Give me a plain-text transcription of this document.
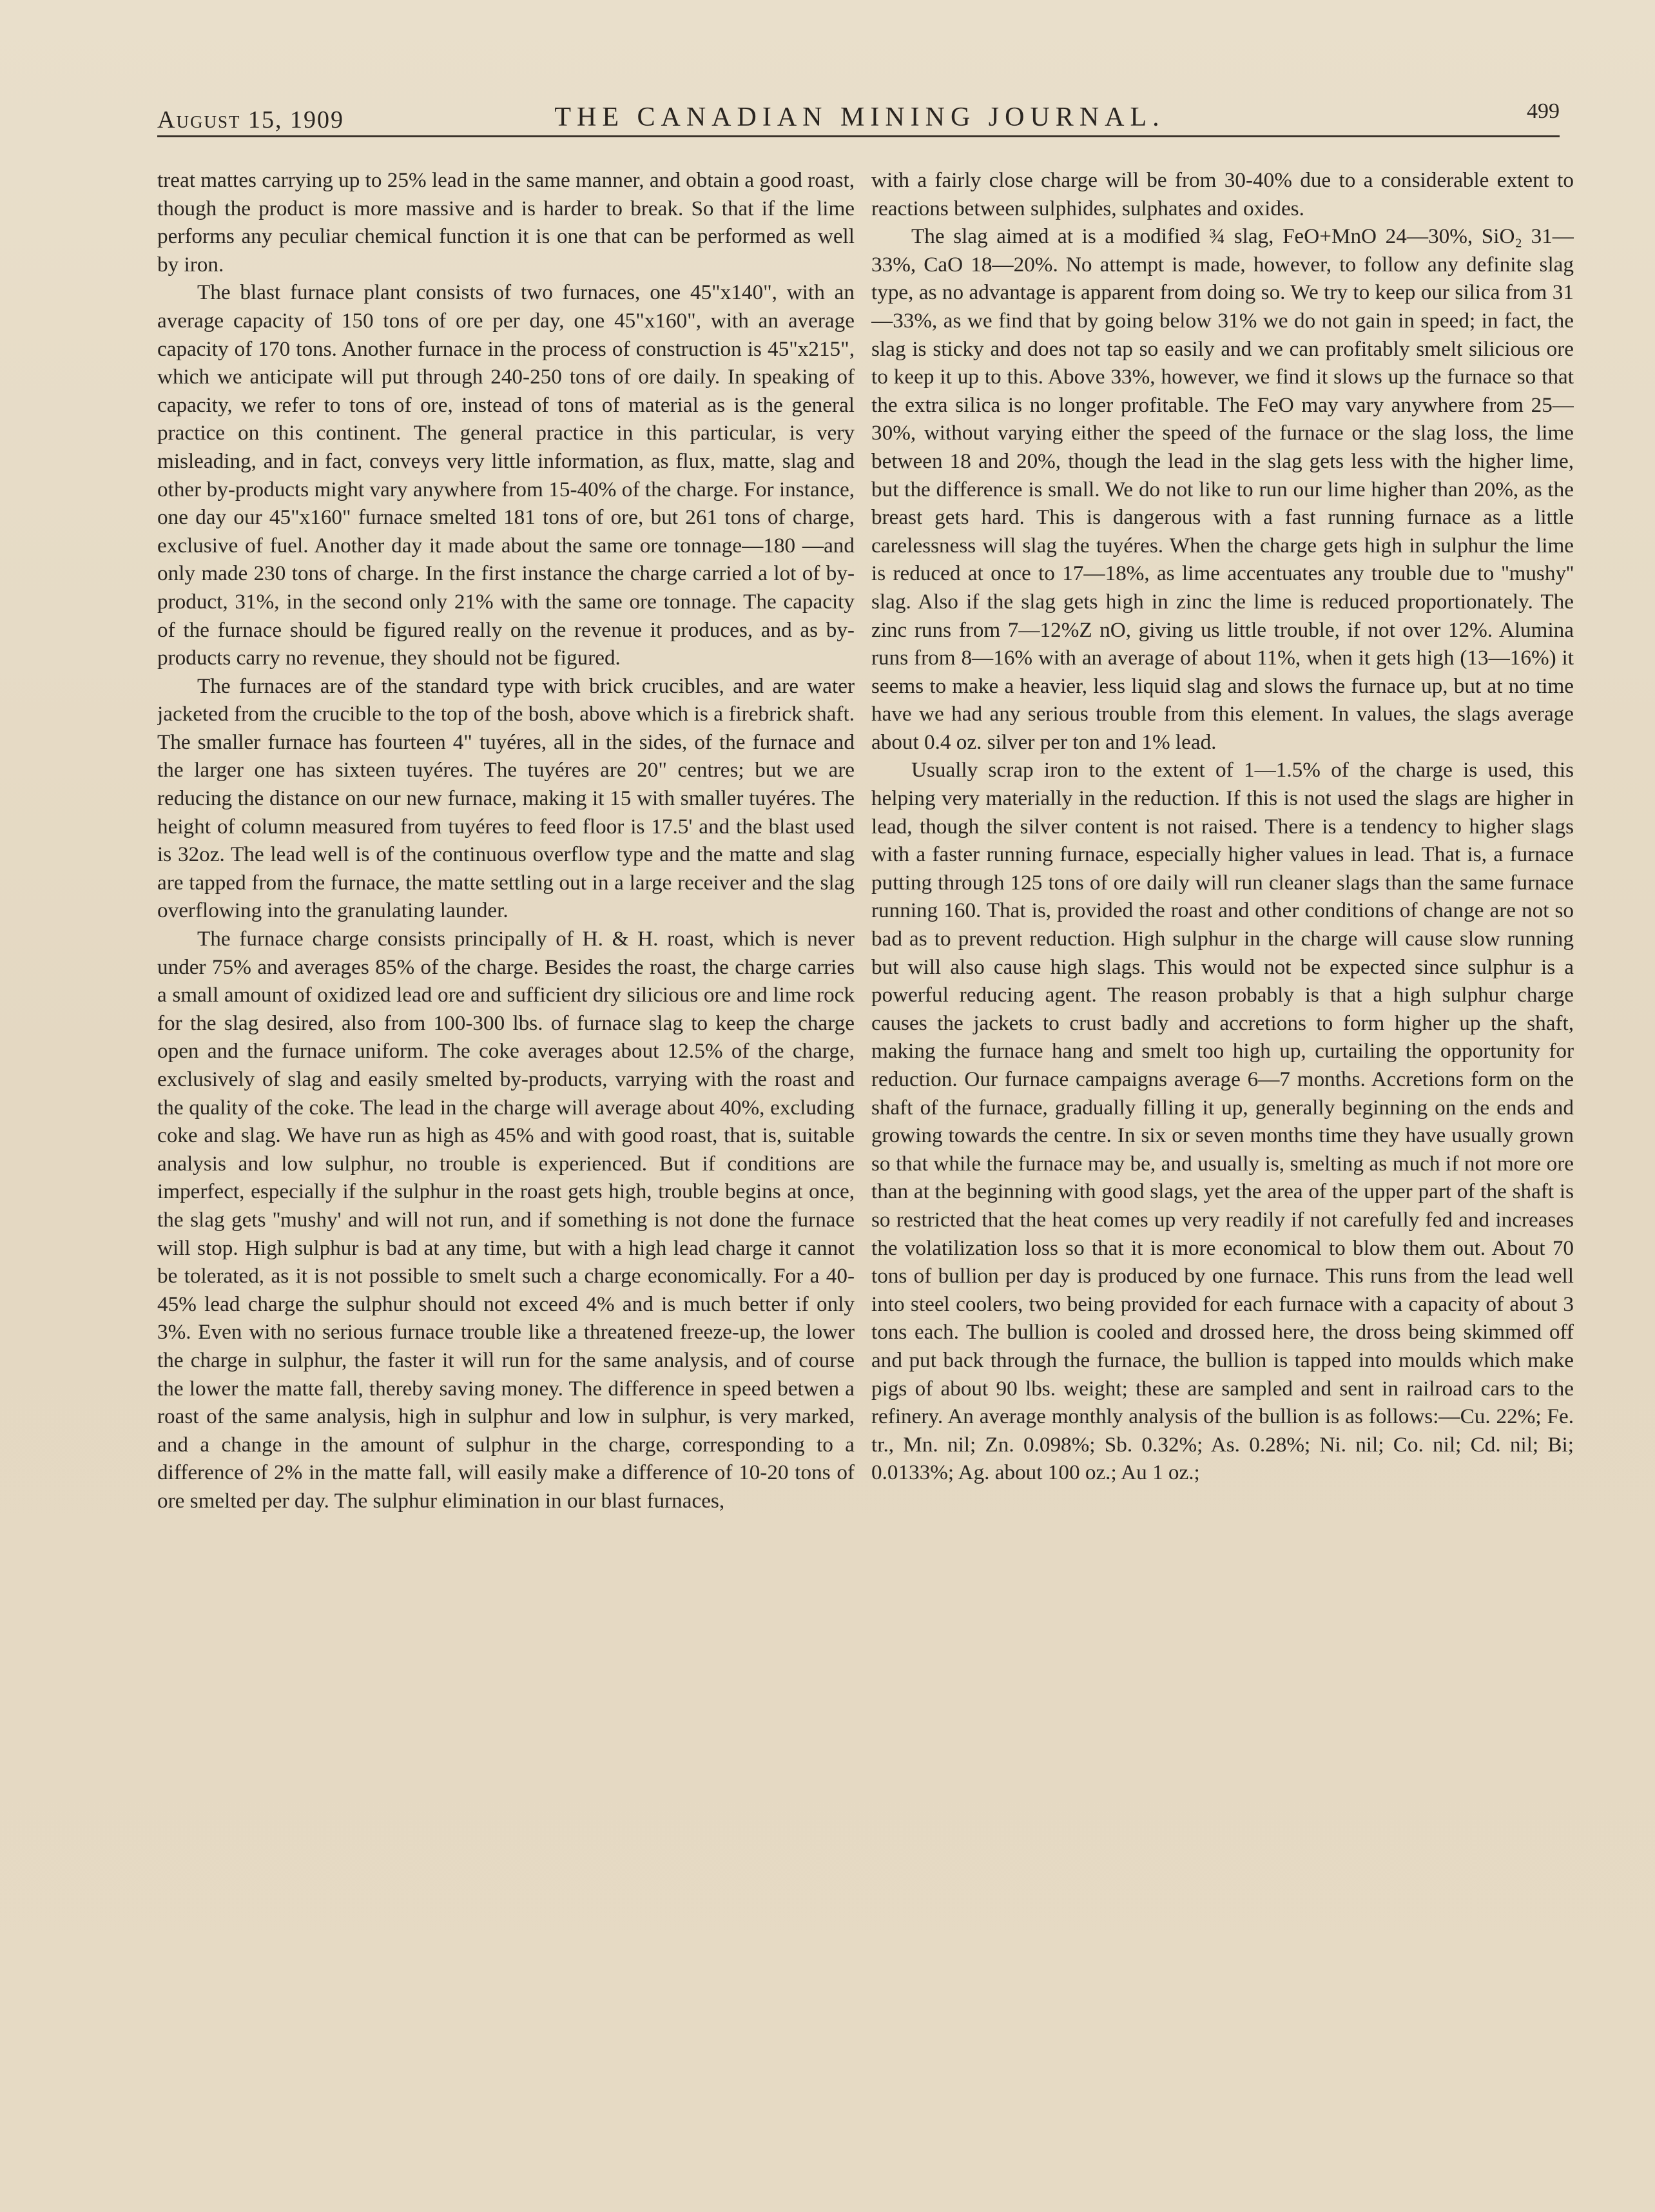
August 15, 1909	THE CANADIAN MINING JOURNAL.	499

treat mattes carrying up to 25% lead in the same manner, and obtain a good roast, though the product is more massive and is harder to break. So that if the lime performs any peculiar chemical function it is one that can be performed as well by iron.

The blast furnace plant consists of two furnaces, one 45"x140", with an average capacity of 150 tons of ore per day, one 45"x160", with an average capacity of 170 tons. Another furnace in the process of construction is 45"x215", which we anticipate will put through 240-250 tons of ore daily. In speaking of capacity, we refer to tons of ore, instead of tons of material as is the general practice on this continent. The general practice in this particular, is very misleading, and in fact, conveys very little information, as flux, matte, slag and other by-products might vary anywhere from 15-40% of the charge. For instance, one day our 45"x160" furnace smelted 181 tons of ore, but 261 tons of charge, exclusive of fuel. Another day it made about the same ore tonnage—180 —and only made 230 tons of charge. In the first instance the charge carried a lot of by-product, 31%, in the second only 21% with the same ore tonnage. The capacity of the furnace should be figured really on the revenue it produces, and as by-products carry no revenue, they should not be figured.

The furnaces are of the standard type with brick crucibles, and are water jacketed from the crucible to the top of the bosh, above which is a firebrick shaft. The smaller furnace has fourteen 4" tuyéres, all in the sides, of the furnace and the larger one has sixteen tuyéres. The tuyéres are 20" centres; but we are reducing the distance on our new furnace, making it 15 with smaller tuyéres. The height of column measured from tuyéres to feed floor is 17.5' and the blast used is 32oz. The lead well is of the continuous overflow type and the matte and slag are tapped from the furnace, the matte settling out in a large receiver and the slag overflowing into the granulating launder.

The furnace charge consists principally of H. & H. roast, which is never under 75% and averages 85% of the charge. Besides the roast, the charge carries a small amount of oxidized lead ore and sufficient dry silicious ore and lime rock for the slag desired, also from 100-300 lbs. of furnace slag to keep the charge open and the furnace uniform. The coke averages about 12.5% of the charge, exclusively of slag and easily smelted by-products, varrying with the roast and the quality of the coke. The lead in the charge will average about 40%, excluding coke and slag. We have run as high as 45% and with good roast, that is, suitable analysis and low sulphur, no trouble is experienced. But if conditions are imperfect, especially if the sulphur in the roast gets high, trouble begins at once, the slag gets ''mushy' and will not run, and if something is not done the furnace will stop. High sulphur is bad at any time, but with a high lead charge it cannot be tolerated, as it is not possible to smelt such a charge economically. For a 40-45% lead charge the sulphur should not exceed 4% and is much better if only 3%. Even with no serious furnace trouble like a threatened freeze-up, the lower the charge in sulphur, the faster it will run for the same analysis, and of course the lower the matte fall, thereby saving money. The difference in speed betwen a roast of the same analysis, high in sulphur and low in sulphur, is very marked, and a change in the amount of sulphur in the charge, corresponding to a difference of 2% in the matte fall, will easily make a difference of 10-20 tons of ore smelted per day. The sulphur elimination in our blast furnaces,

with a fairly close charge will be from 30-40% due to a considerable extent to reactions between sulphides, sulphates and oxides.

The slag aimed at is a modified ¾ slag, FeO+MnO 24—30%, SiO₂ 31—33%, CaO 18—20%. No attempt is made, however, to follow any definite slag type, as no advantage is apparent from doing so. We try to keep our silica from 31—33%, as we find that by going below 31% we do not gain in speed; in fact, the slag is sticky and does not tap so easily and we can profitably smelt silicious ore to keep it up to this. Above 33%, however, we find it slows up the furnace so that the extra silica is no longer profitable. The FeO may vary anywhere from 25—30%, without varying either the speed of the furnace or the slag loss, the lime between 18 and 20%, though the lead in the slag gets less with the higher lime, but the difference is small. We do not like to run our lime higher than 20%, as the breast gets hard. This is dangerous with a fast running furnace as a little carelessness will slag the tuyéres. When the charge gets high in sulphur the lime is reduced at once to 17—18%, as lime accentuates any trouble due to ''mushy'' slag. Also if the slag gets high in zinc the lime is reduced proportionately. The zinc runs from 7—12%Z nO, giving us little trouble, if not over 12%. Alumina runs from 8—16% with an average of about 11%, when it gets high (13—16%) it seems to make a heavier, less liquid slag and slows the furnace up, but at no time have we had any serious trouble from this element. In values, the slags average about 0.4 oz. silver per ton and 1% lead.

Usually scrap iron to the extent of 1—1.5% of the charge is used, this helping very materially in the reduction. If this is not used the slags are higher in lead, though the silver content is not raised. There is a tendency to higher slags with a faster running furnace, especially higher values in lead. That is, a furnace putting through 125 tons of ore daily will run cleaner slags than the same furnace running 160. That is, provided the roast and other conditions of change are not so bad as to prevent reduction. High sulphur in the charge will cause slow running but will also cause high slags. This would not be expected since sulphur is a powerful reducing agent. The reason probably is that a high sulphur charge causes the jackets to crust badly and accretions to form higher up the shaft, making the furnace hang and smelt too high up, curtailing the opportunity for reduction. Our furnace campaigns average 6—7 months. Accretions form on the shaft of the furnace, gradually filling it up, generally beginning on the ends and growing towards the centre. In six or seven months time they have usually grown so that while the furnace may be, and usually is, smelting as much if not more ore than at the beginning with good slags, yet the area of the upper part of the shaft is so restricted that the heat comes up very readily if not carefully fed and increases the volatilization loss so that it is more economical to blow them out. About 70 tons of bullion per day is produced by one furnace. This runs from the lead well into steel coolers, two being provided for each furnace with a capacity of about 3 tons each. The bullion is cooled and drossed here, the dross being skimmed off and put back through the furnace, the bullion is tapped into moulds which make pigs of about 90 lbs. weight; these are sampled and sent in railroad cars to the refinery. An average monthly analysis of the bullion is as follows:—Cu. 22%; Fe. tr., Mn. nil; Zn. 0.098%; Sb. 0.32%; As. 0.28%; Ni. nil; Co. nil; Cd. nil; Bi; 0.0133%; Ag. about 100 oz.; Au 1 oz.;
